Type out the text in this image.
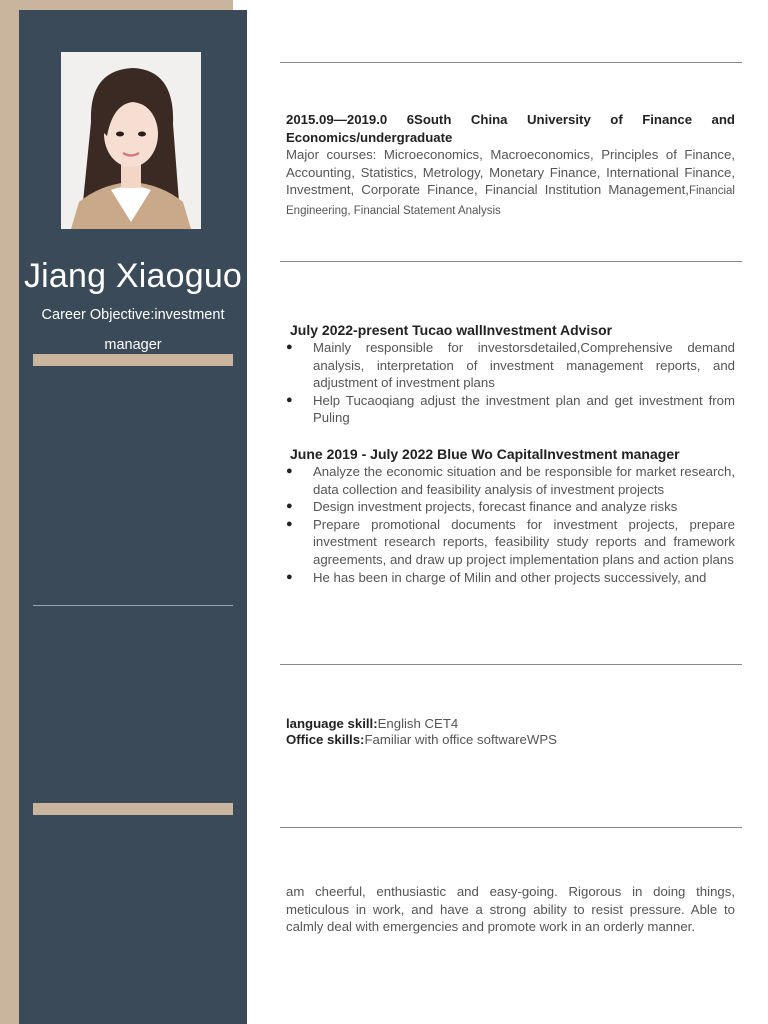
Jiang Xiaoguo
Career Objective:investment manager
2015.09—2019.0 6South China University of Finance and Economics/undergraduate
Major courses: Microeconomics, Macroeconomics, Principles of Finance, Accounting, Statistics, Metrology, Monetary Finance, International Finance, Investment, Corporate Finance, Financial Institution Management,Financial Engineering, Financial Statement Analysis
July 2022-present Tucao wallInvestment Advisor
● Mainly responsible for investorsdetailed,Comprehensive demand analysis, interpretation of investment management reports, and adjustment of investment plans
● Help Tucaoqiang adjust the investment plan and get investment from Puling
June 2019 - July 2022 Blue Wo CapitalInvestment manager
● Analyze the economic situation and be responsible for market research, data collection and feasibility analysis of investment projects
● Design investment projects, forecast finance and analyze risks
● Prepare promotional documents for investment projects, prepare investment research reports, feasibility study reports and framework agreements, and draw up project implementation plans and action plans
● He has been in charge of Milin and other projects successively, and
language skill:English CET4
Office skills:Familiar with office softwareWPS
am cheerful, enthusiastic and easy-going. Rigorous in doing things, meticulous in work, and have a strong ability to resist pressure. Able to calmly deal with emergencies and promote work in an orderly manner.
